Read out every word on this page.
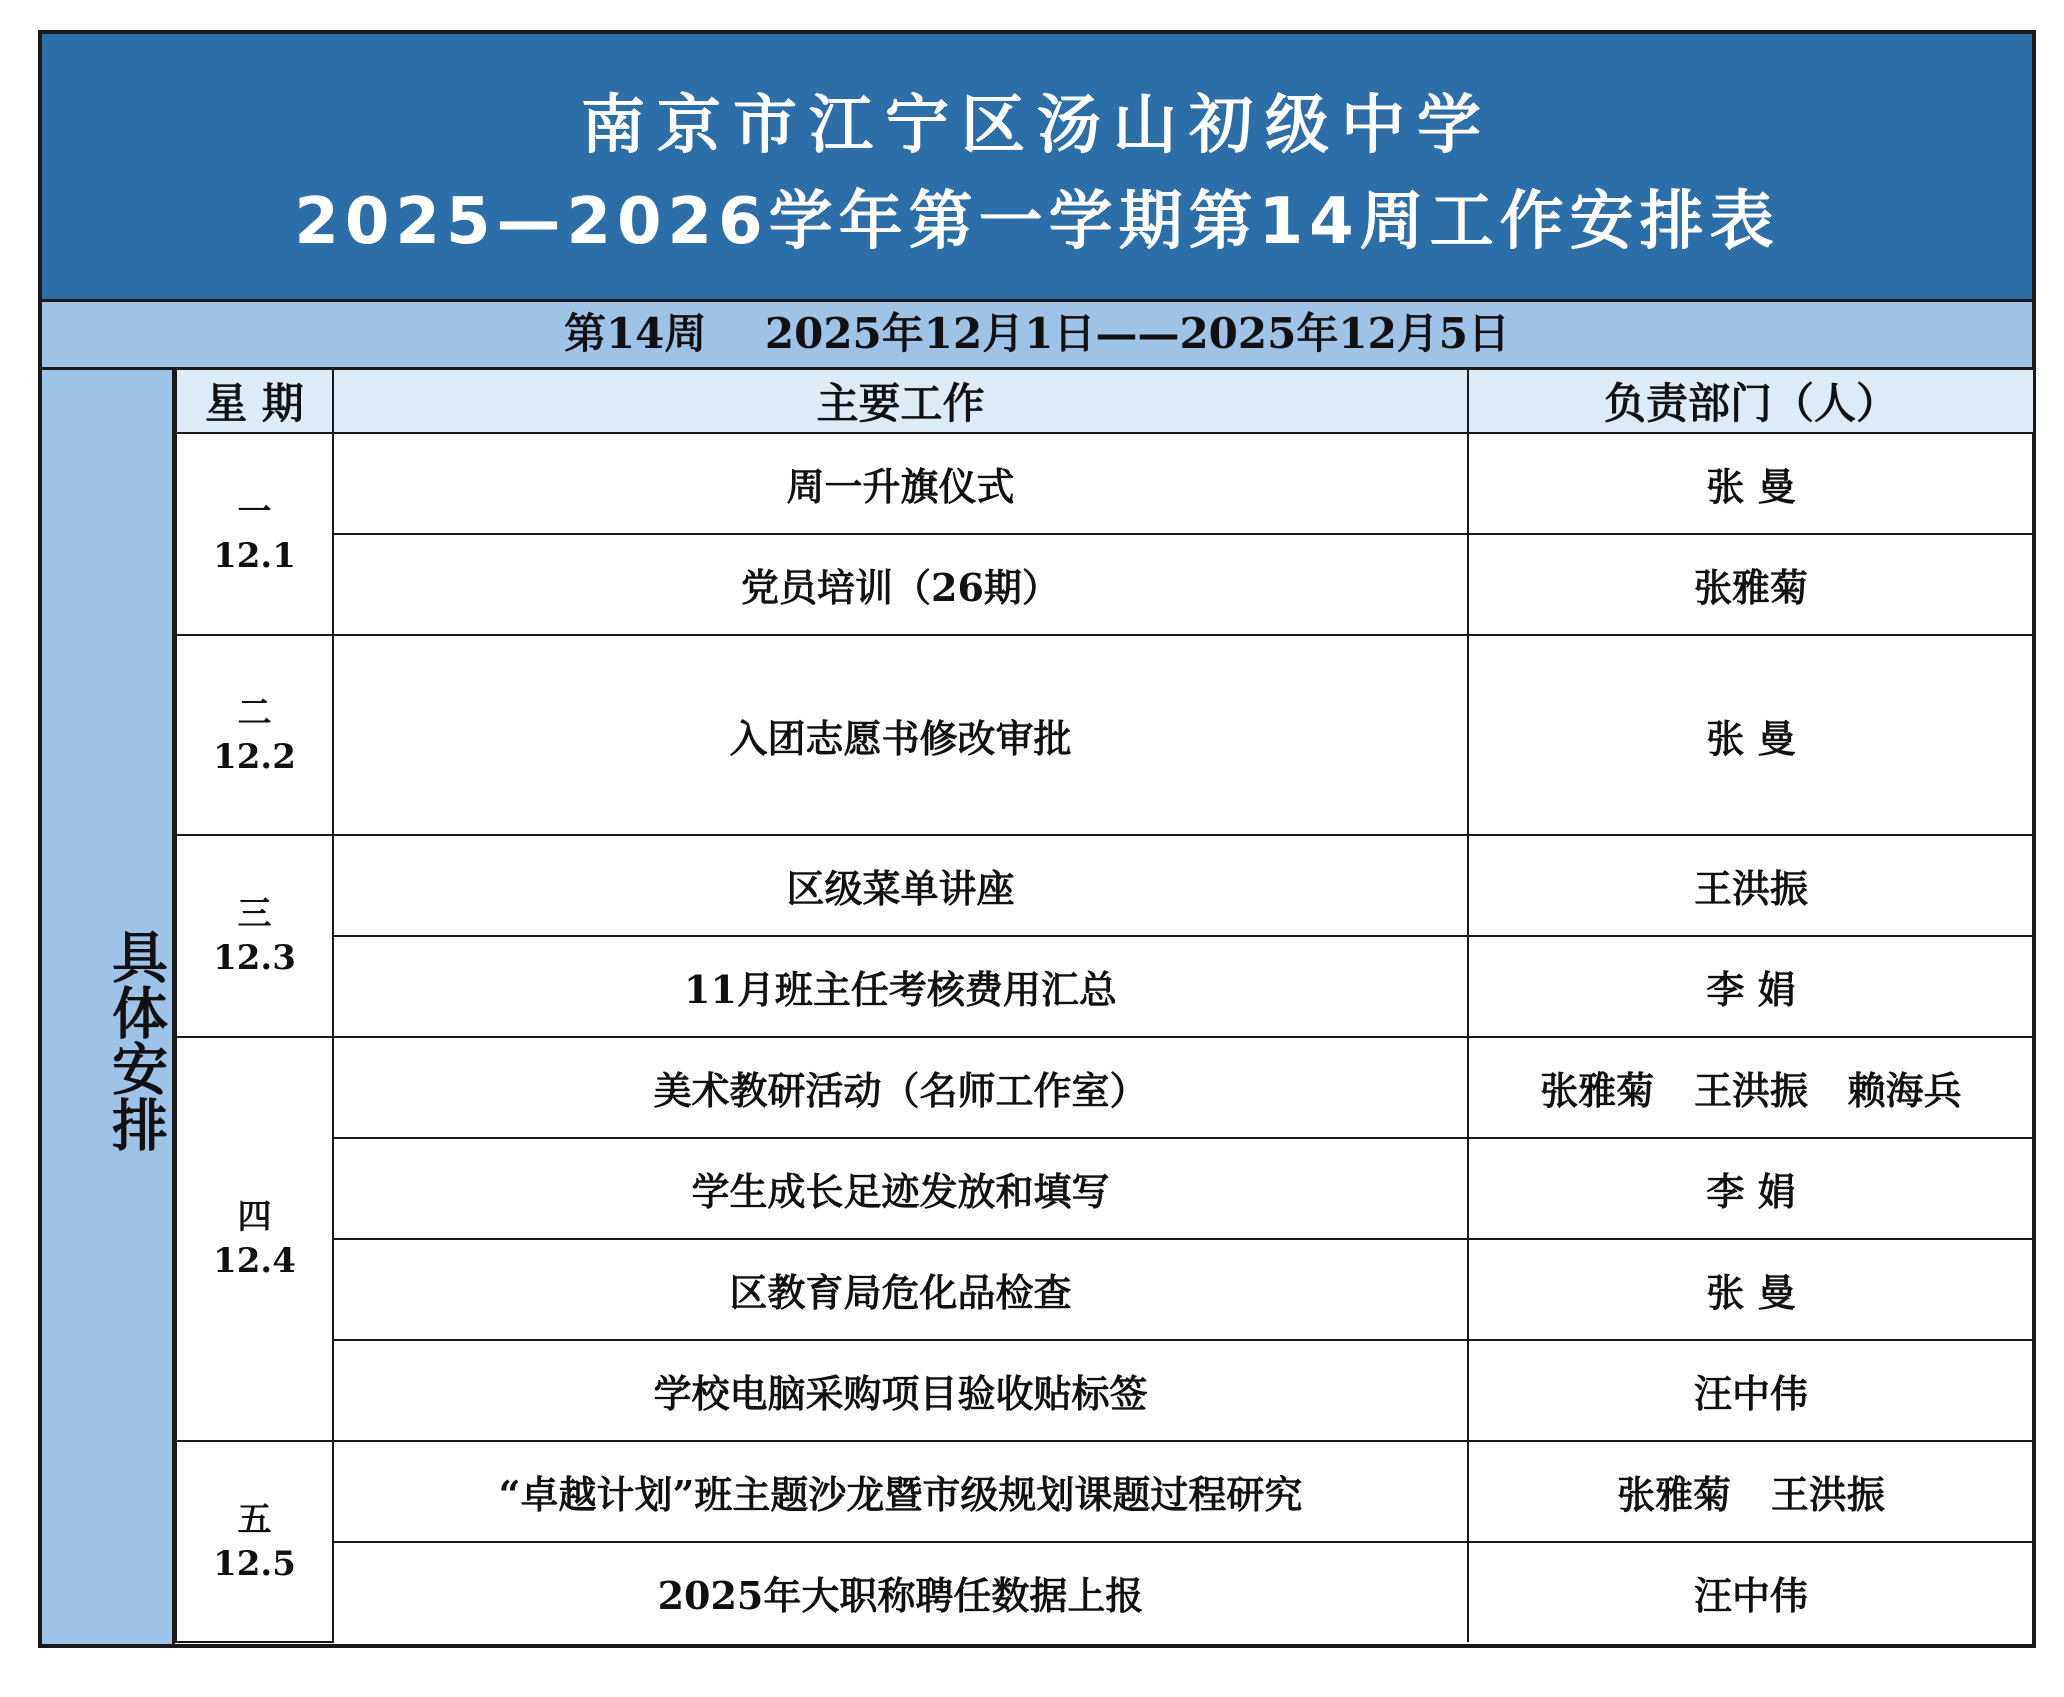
南京市江宁区汤山初级中学
2025—2026学年第一学期第14周工作安排表
第14周    2025年12月1日——2025年12月5日
具体安排
星 期	主要工作	负责部门（人）

一
12.1	周一升旗仪式	张 曼
	党员培训（26期）	张雅菊

二
12.2	入团志愿书修改审批	张 曼

三
12.3	区级菜单讲座	王洪振
	11月班主任考核费用汇总	李 娟

四
12.4	美术教研活动（名师工作室）	张雅菊   王洪振   赖海兵
	学生成长足迹发放和填写	李 娟
	区教育局危化品检查	张 曼
	学校电脑采购项目验收贴标签	汪中伟

五
12.5	“卓越计划”班主题沙龙暨市级规划课题过程研究	张雅菊   王洪振
	2025年大职称聘任数据上报	汪中伟
